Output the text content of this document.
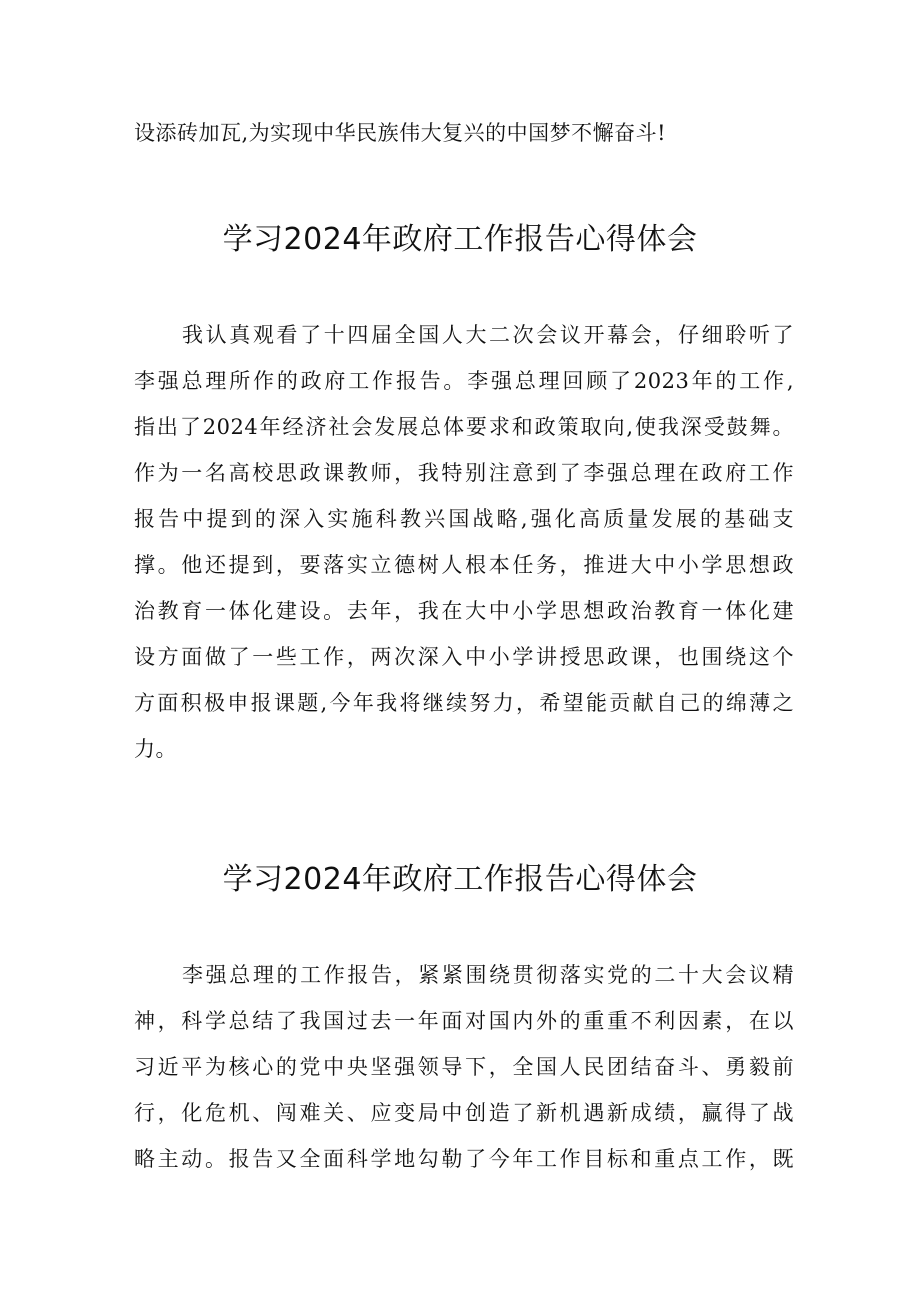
设添砖加瓦,为实现中华民族伟大复兴的中国梦不懈奋斗!
学习2024年政府工作报告心得体会
我认真观看了十四届全国人大二次会议开幕会，仔细聆听了
李强总理所作的政府工作报告。李强总理回顾了2023年的工作,
指出了2024年经济社会发展总体要求和政策取向,使我深受鼓舞。
作为一名高校思政课教师，我特别注意到了李强总理在政府工作
报告中提到的深入实施科教兴国战略,强化高质量发展的基础支
撑。他还提到，要落实立德树人根本任务，推进大中小学思想政
治教育一体化建设。去年，我在大中小学思想政治教育一体化建
设方面做了一些工作，两次深入中小学讲授思政课，也围绕这个
方面积极申报课题,今年我将继续努力，希望能贡献自己的绵薄之
力。
学习2024年政府工作报告心得体会
李强总理的工作报告，紧紧围绕贯彻落实党的二十大会议精
神，科学总结了我国过去一年面对国内外的重重不利因素，在以
习近平为核心的党中央坚强领导下，全国人民团结奋斗、勇毅前
行，化危机、闯难关、应变局中创造了新机遇新成绩，赢得了战
略主动。报告又全面科学地勾勒了今年工作目标和重点工作，既
